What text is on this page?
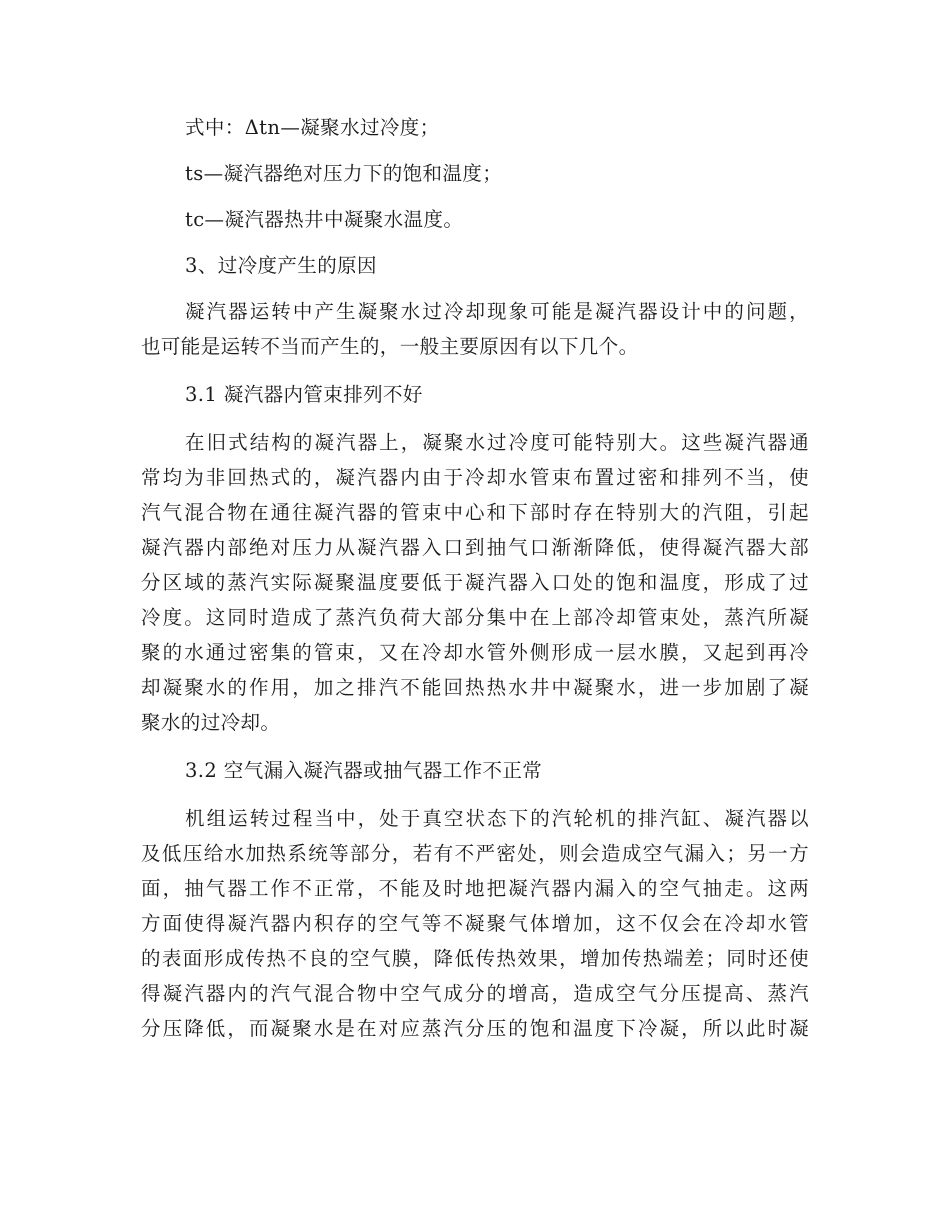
式中：Δtn—凝聚水过冷度；
ts—凝汽器绝对压力下的饱和温度；
tc—凝汽器热井中凝聚水温度。
3、过冷度产生的原因
凝汽器运转中产生凝聚水过冷却现象可能是凝汽器设计中的问题，
也可能是运转不当而产生的，一般主要原因有以下几个。
3.1 凝汽器内管束排列不好
在旧式结构的凝汽器上，凝聚水过冷度可能特别大。这些凝汽器通
常均为非回热式的，凝汽器内由于冷却水管束布置过密和排列不当，使
汽气混合物在通往凝汽器的管束中心和下部时存在特别大的汽阻，引起
凝汽器内部绝对压力从凝汽器入口到抽气口渐渐降低，使得凝汽器大部
分区域的蒸汽实际凝聚温度要低于凝汽器入口处的饱和温度，形成了过
冷度。这同时造成了蒸汽负荷大部分集中在上部冷却管束处，蒸汽所凝
聚的水通过密集的管束，又在冷却水管外侧形成一层水膜，又起到再冷
却凝聚水的作用，加之排汽不能回热热水井中凝聚水，进一步加剧了凝
聚水的过冷却。
3.2 空气漏入凝汽器或抽气器工作不正常
机组运转过程当中，处于真空状态下的汽轮机的排汽缸、凝汽器以
及低压给水加热系统等部分，若有不严密处，则会造成空气漏入；另一方
面，抽气器工作不正常，不能及时地把凝汽器内漏入的空气抽走。这两
方面使得凝汽器内积存的空气等不凝聚气体增加，这不仅会在冷却水管
的表面形成传热不良的空气膜，降低传热效果，增加传热端差；同时还使
得凝汽器内的汽气混合物中空气成分的增高，造成空气分压提高、蒸汽
分压降低，而凝聚水是在对应蒸汽分压的饱和温度下冷凝，所以此时凝
